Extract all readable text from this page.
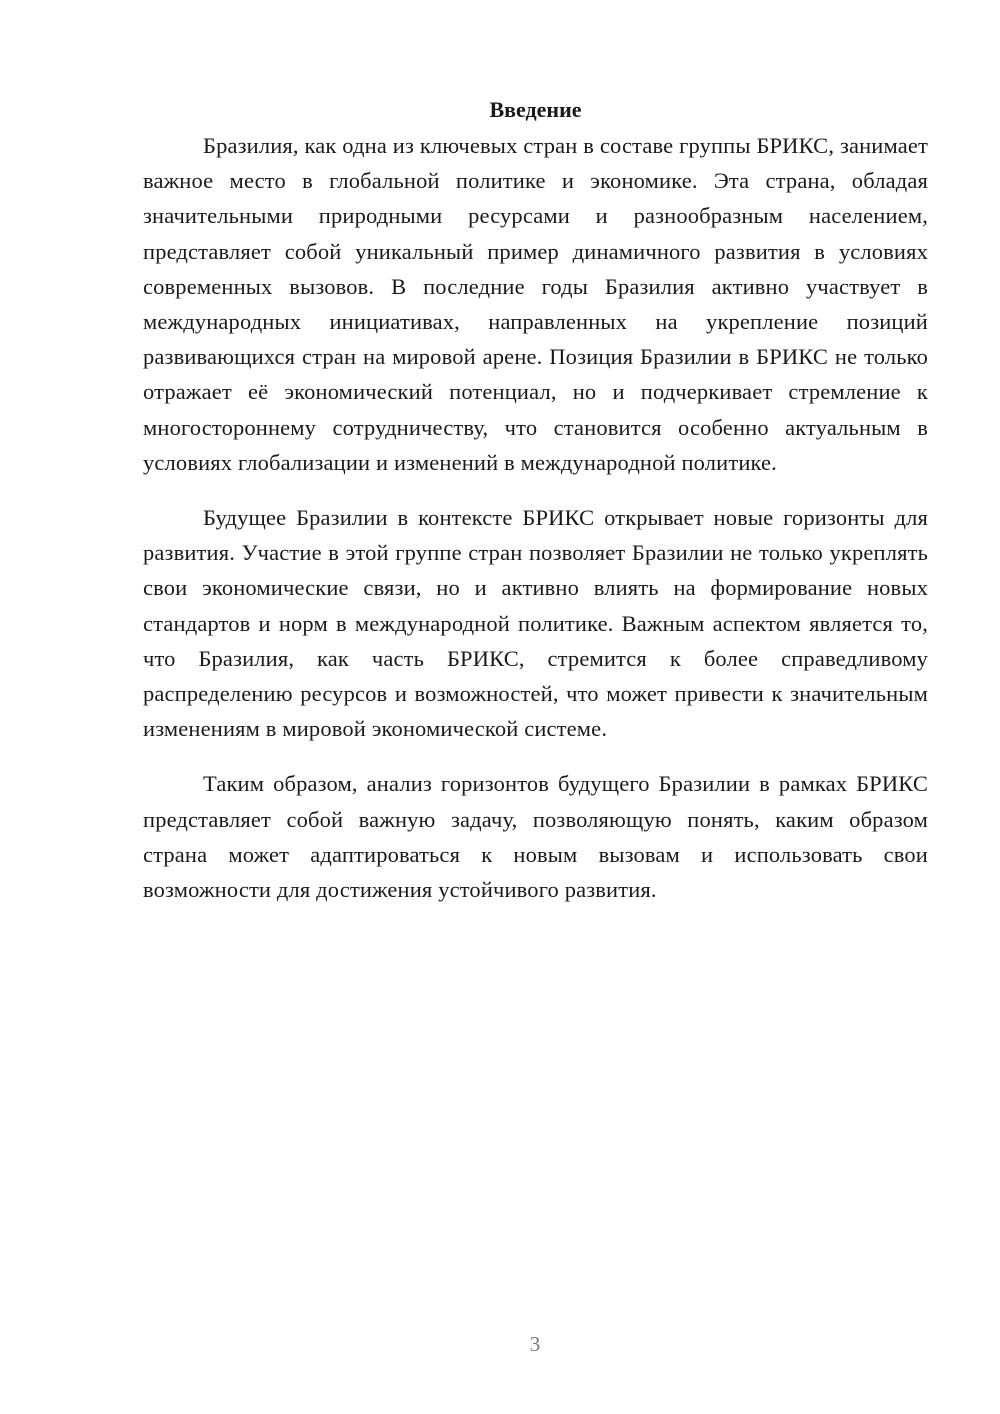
Введение

Бразилия, как одна из ключевых стран в составе группы БРИКС, занимает важное место в глобальной политике и экономике. Эта страна, обладая значительными природными ресурсами и разнообразным населением, представляет собой уникальный пример динамичного развития в условиях современных вызовов. В последние годы Бразилия активно участвует в международных инициативах, направленных на укрепление позиций развивающихся стран на мировой арене. Позиция Бразилии в БРИКС не только отражает её экономический потенциал, но и подчеркивает стремление к многостороннему сотрудничеству, что становится особенно актуальным в условиях глобализации и изменений в международной политике.

Будущее Бразилии в контексте БРИКС открывает новые горизонты для развития. Участие в этой группе стран позволяет Бразилии не только укреплять свои экономические связи, но и активно влиять на формирование новых стандартов и норм в международной политике. Важным аспектом является то, что Бразилия, как часть БРИКС, стремится к более справедливому распределению ресурсов и возможностей, что может привести к значительным изменениям в мировой экономической системе.

Таким образом, анализ горизонтов будущего Бразилии в рамках БРИКС представляет собой важную задачу, позволяющую понять, каким образом страна может адаптироваться к новым вызовам и использовать свои возможности для достижения устойчивого развития.

3
